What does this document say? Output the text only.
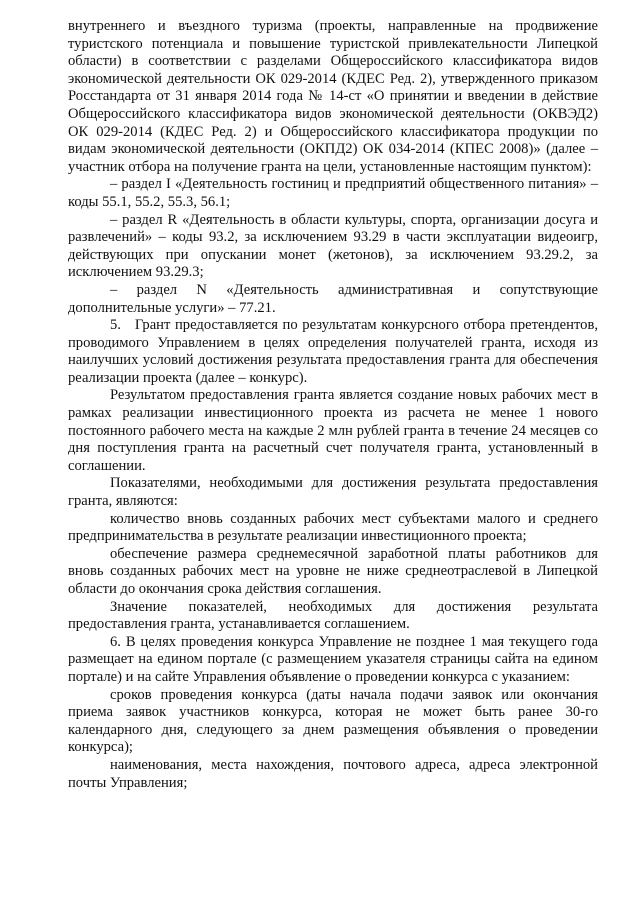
внутреннего и въездного туризма (проекты, направленные на продвижение туристского потенциала и повышение туристской привлекательности Липецкой области) в соответствии с разделами Общероссийского классификатора видов экономической деятельности ОК 029-2014 (КДЕС Ред. 2), утвержденного приказом Росстандарта от 31 января 2014 года № 14-ст «О принятии и введении в действие Общероссийского классификатора видов экономической деятельности (ОКВЭД2) ОК 029-2014 (КДЕС Ред. 2) и Общероссийского классификатора продукции по видам экономической деятельности (ОКПД2) ОК 034-2014 (КПЕС 2008)» (далее – участник отбора на получение гранта на цели, установленные настоящим пунктом):

– раздел I «Деятельность гостиниц и предприятий общественного питания» – коды 55.1, 55.2, 55.3, 56.1;

– раздел R «Деятельность в области культуры, спорта, организации досуга и развлечений» – коды 93.2, за исключением 93.29 в части эксплуатации видеоигр, действующих при опускании монет (жетонов), за исключением 93.29.2, за исключением 93.29.3;

– раздел N «Деятельность административная и сопутствующие дополнительные услуги» – 77.21.

5.   Грант предоставляется по результатам конкурсного отбора претендентов, проводимого Управлением в целях определения получателей гранта, исходя из наилучших условий достижения результата предоставления гранта для обеспечения реализации проекта (далее – конкурс).

Результатом предоставления гранта является создание новых рабочих мест в рамках реализации инвестиционного проекта из расчета не менее 1 нового постоянного рабочего места на каждые 2 млн рублей гранта в течение 24 месяцев со дня поступления гранта на расчетный счет получателя гранта, установленный в соглашении.

Показателями, необходимыми для достижения результата предоставления гранта, являются:

количество вновь созданных рабочих мест субъектами малого и среднего предпринимательства в результате реализации инвестиционного проекта;

обеспечение размера среднемесячной заработной платы работников для вновь созданных рабочих мест на уровне не ниже среднеотраслевой в Липецкой области до окончания срока действия соглашения.

Значение показателей, необходимых для достижения результата предоставления гранта, устанавливается соглашением.

6. В целях проведения конкурса Управление не позднее 1 мая текущего года размещает на едином портале (с размещением указателя страницы сайта на едином портале) и на сайте Управления объявление о проведении конкурса с указанием:

сроков проведения конкурса (даты начала подачи заявок или окончания приема заявок участников конкурса, которая не может быть ранее 30-го календарного дня, следующего за днем размещения объявления о проведении конкурса);

наименования, места нахождения, почтового адреса, адреса электронной почты Управления;
